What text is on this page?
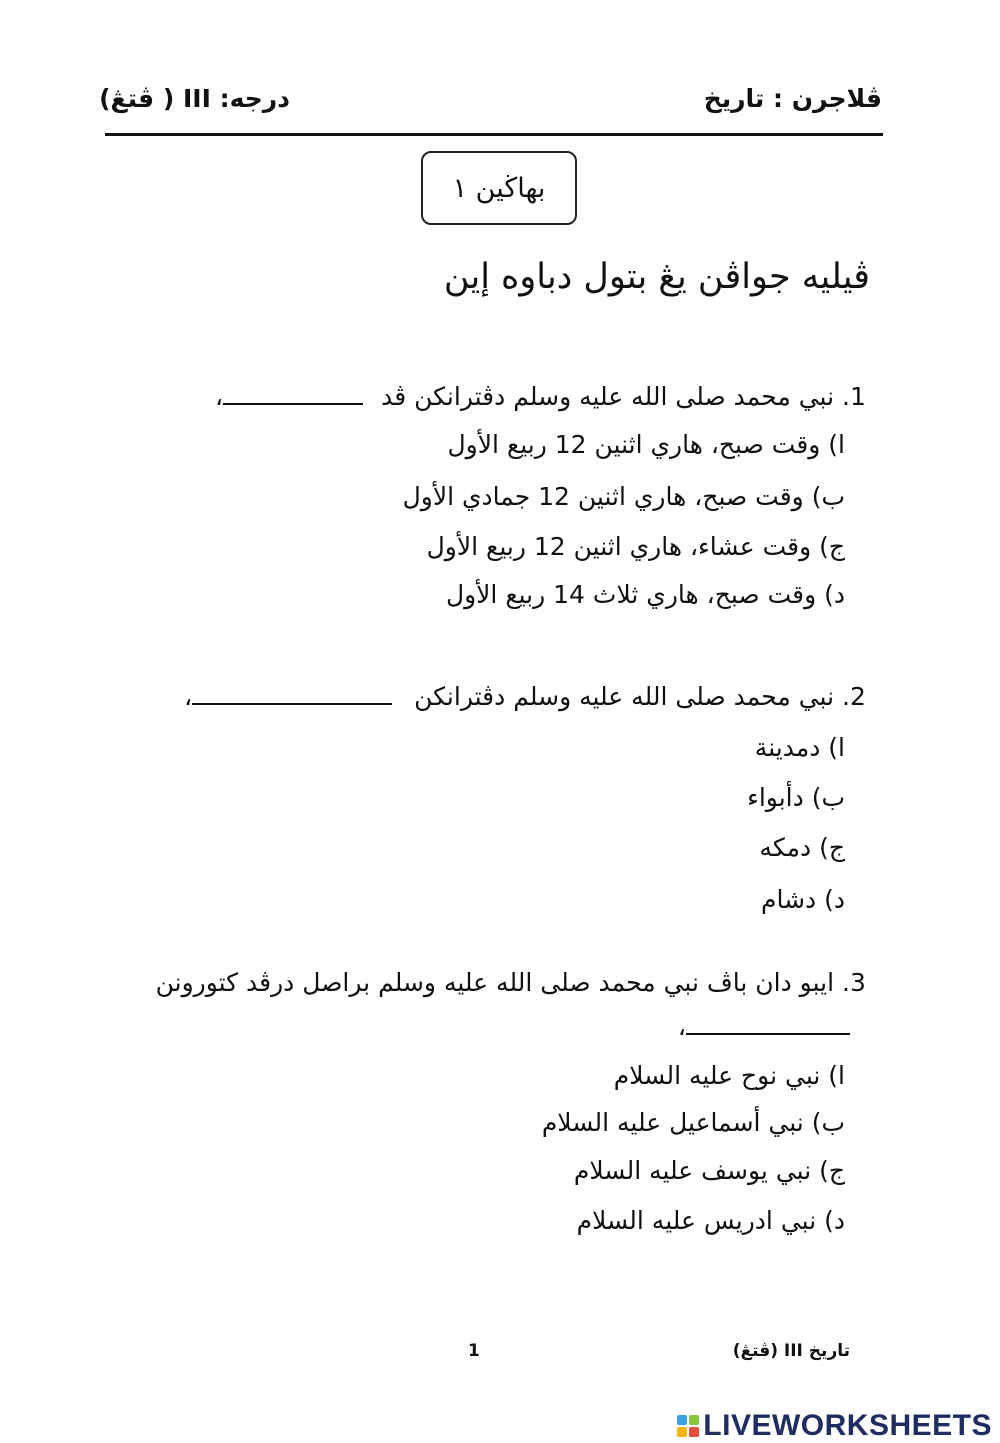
ڤلاجرن : تاريخ
درجه: III ( ڤتڠ)
بهاڬين ١
ڤيليه جواڤن يڠ بتول دباوه إين
1. نبي محمد صلى الله عليه وسلم دڤترانكن ڤد ،
ا) وقت صبح، هاري اثنين 12 ربيع الأول
ب) وقت صبح، هاري اثنين 12 جمادي الأول
ج) وقت عشاء، هاري اثنين 12 ربيع الأول
د) وقت صبح، هاري ثلاث 14 ربيع الأول
2. نبي محمد صلى الله عليه وسلم دڤترانكن ،
ا) دمدينة
ب) دأبواء
ج) دمكه
د) دشام
3. ايبو دان باڤ نبي محمد صلى الله عليه وسلم براصل درڤد كتورونن
،
ا) نبي نوح عليه السلام
ب) نبي أسماعيل عليه السلام
ج) نبي يوسف عليه السلام
د) نبي ادريس عليه السلام
تاريخ III (ڤتڠ)
1
LIVEWORKSHEETS
